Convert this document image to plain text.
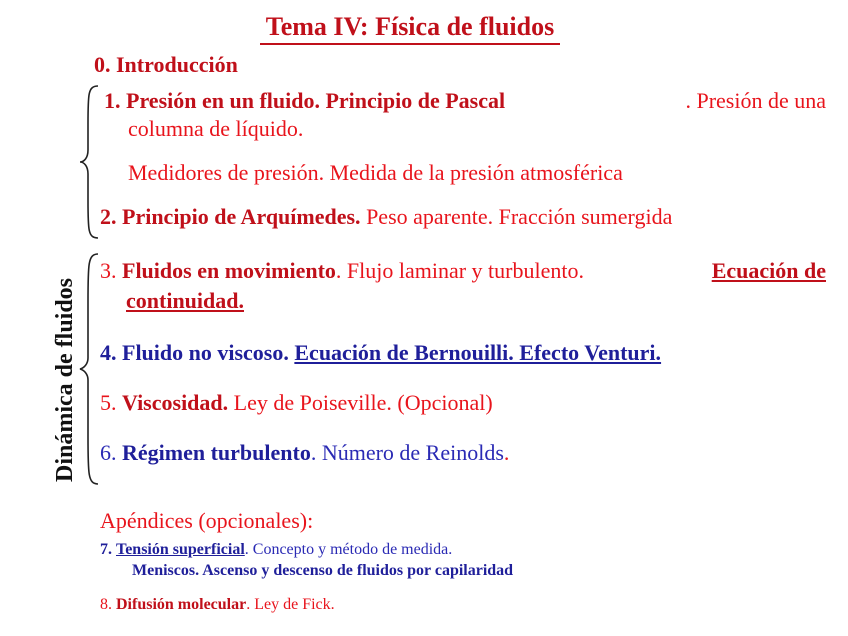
Tema IV: Física de fluidos
0. Introducción
1. Presión en un fluido. Principio de Pascal	. Presión de una
columna de líquido.
Medidores de presión. Medida de la presión atmosférica
2. Principio de Arquímedes. Peso aparente. Fracción sumergida
Dinámica de fluidos
3. Fluidos en movimiento. Flujo laminar y turbulento.	Ecuación de
continuidad.
4. Fluido no viscoso. Ecuación de Bernouilli. Efecto Venturi.
5. Viscosidad. Ley de Poiseville. (Opcional)
6. Régimen turbulento. Número de Reinolds.
Apéndices (opcionales):
7. Tensión superficial. Concepto y método de medida.
Meniscos. Ascenso y descenso de fluidos por capilaridad
8. Difusión molecular. Ley de Fick.
